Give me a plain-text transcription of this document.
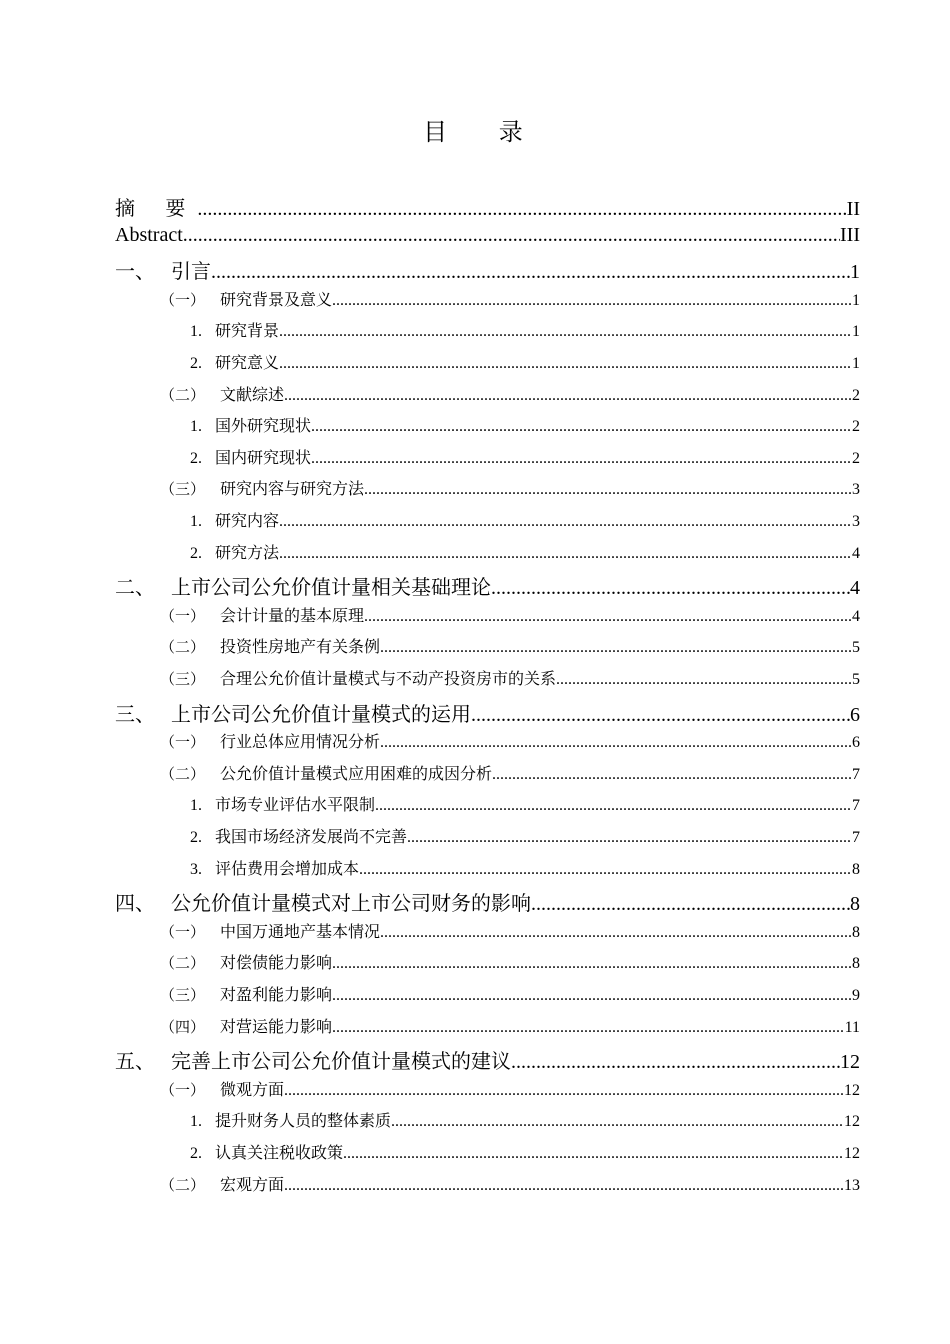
目 录
摘 要 .....	II
Abstract .....	III
一、 引言 .....	1
（一） 研究背景及意义 .....	1
1. 研究背景 .....	1
2. 研究意义 .....	1
（二） 文献综述 .....	2
1. 国外研究现状 .....	2
2. 国内研究现状 .....	2
（三） 研究内容与研究方法 .....	3
1. 研究内容 .....	3
2. 研究方法 .....	4
二、 上市公司公允价值计量相关基础理论 .....	4
（一） 会计计量的基本原理 .....	4
（二） 投资性房地产有关条例 .....	5
（三） 合理公允价值计量模式与不动产投资房市的关系 .....	5
三、 上市公司公允价值计量模式的运用 .....	6
（一） 行业总体应用情况分析 .....	6
（二） 公允价值计量模式应用困难的成因分析 .....	7
1. 市场专业评估水平限制 .....	7
2. 我国市场经济发展尚不完善 .....	7
3. 评估费用会增加成本 .....	8
四、 公允价值计量模式对上市公司财务的影响 .....	8
（一） 中国万通地产基本情况 .....	8
（二） 对偿债能力影响 .....	8
（三） 对盈利能力影响 .....	9
（四） 对营运能力影响 .....	11
五、 完善上市公司公允价值计量模式的建议 .....	12
（一） 微观方面 .....	12
1. 提升财务人员的整体素质 .....	12
2. 认真关注税收政策 .....	12
（二） 宏观方面 .....	13
